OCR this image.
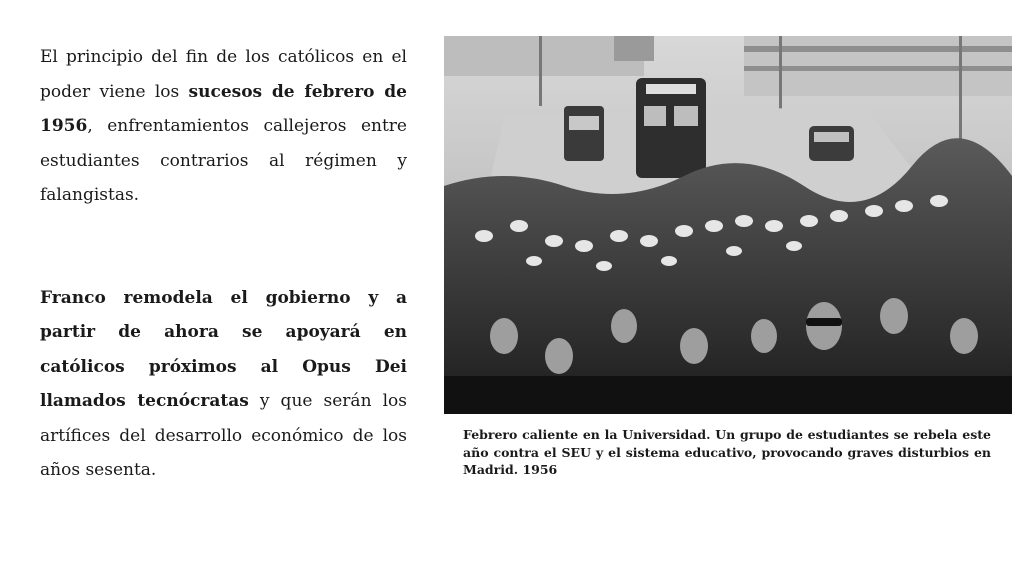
El principio del fin de los católicos en el poder viene los sucesos de febrero de 1956, enfrentamientos callejeros entre estudiantes contrarios al régimen y falangistas.

Franco remodela el gobierno y a partir de ahora se apoyará en católicos próximos al Opus Dei llamados tecnócratas y que serán los artífices del desarrollo económico de los años sesenta.

Febrero caliente en la Universidad. Un grupo de estudiantes se rebela este año contra el SEU y el sistema educativo, provocando graves disturbios en Madrid. 1956
